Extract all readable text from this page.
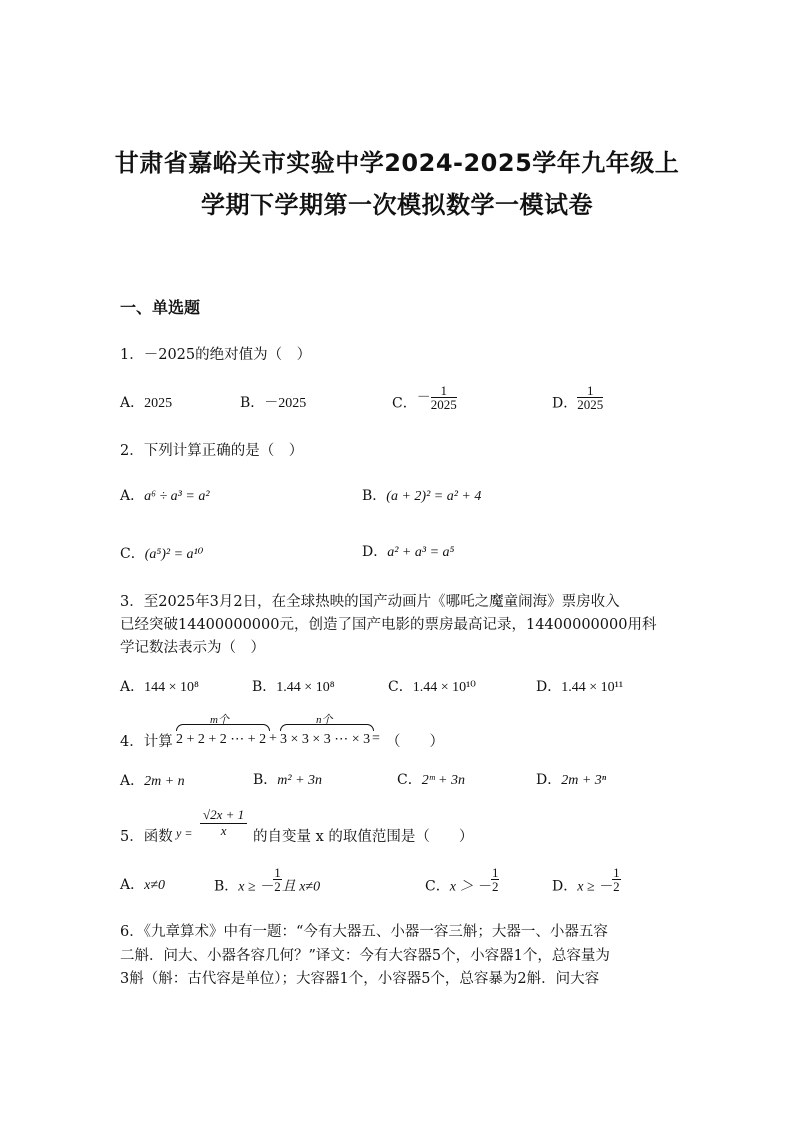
甘肃省嘉峪关市实验中学2024-2025学年九年级上
学期下学期第一次模拟数学一模试卷
一、单选题
1．－2025的绝对值为（　）
A．2025	B．－2025	C．－ $\frac{1}{2025}$	D． $\frac{1}{2025}$
2．下列计算正确的是（　）
A．a⁶ ÷ a³ = a²	B．(a + 2)² = a² + 4
C．(a⁵)² = a¹⁰	D．a² + a³ = a⁵
3．至2025年3月2日，在全球热映的国产动画片《哪吒之魔童闹海》票房收入
已经突破14400000000元，创造了国产电影的票房最高记录，14400000000用科
学记数法表示为（　）
A．144 × 10⁸	B．1.44 × 10⁸	C．1.44 × 10¹⁰	D．1.44 × 10¹¹
4．计算
m个
2 + 2 + 2 ⋯ + 2 +
n个
3 × 3 × 3 ⋯ × 3 = （　　）
A．2m + n	B．m² + 3n	C．2ᵐ + 3n	D．2m + 3ⁿ
5．函数 $y = \frac{√2x + 1}{x}$ 的自变量 x 的取值范围是（　　）
A．x≠0	B．x ≥ － $\frac{1}{2}$ 且 x≠0	C．x ＞ － $\frac{1}{2}$	D．x ≥ － $\frac{1}{2}$
6．《九章算术》中有一题：“今有大器五、小器一容三斛；大器一、小器五容
二斛．问大、小器各容几何？”译文：今有大容器5个，小容器1个，总容量为
3斛（斛：古代容是单位）；大容器1个，小容器5个，总容暴为2斛．问大容
